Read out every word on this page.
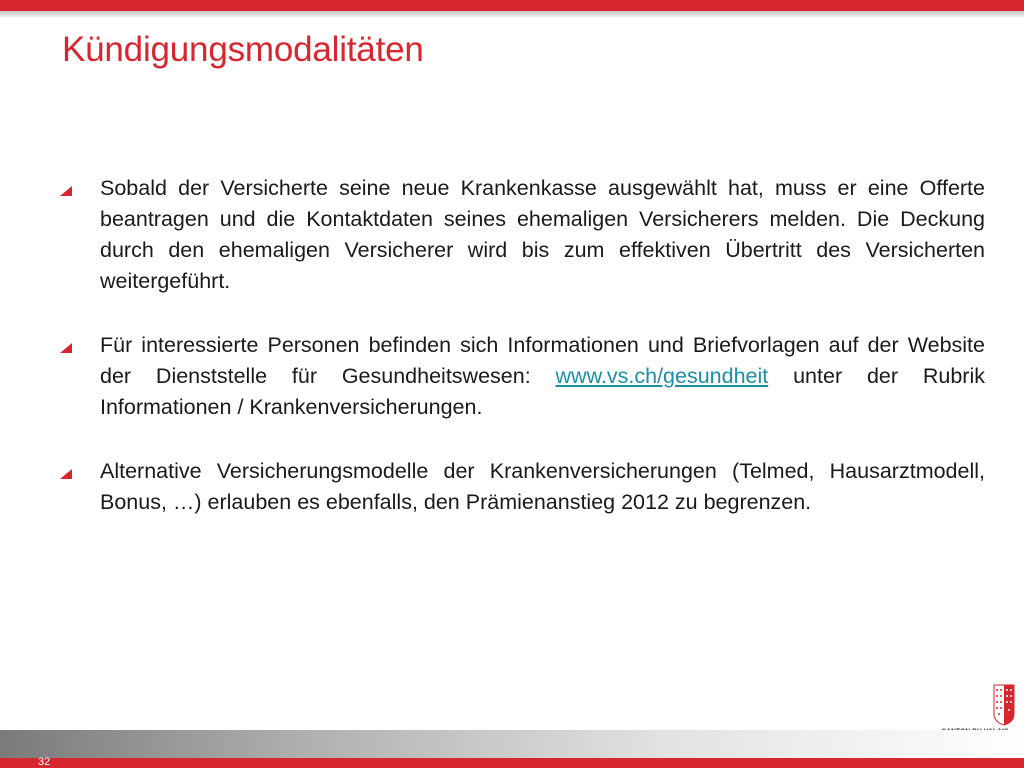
Kündigungsmodalitäten
Sobald der Versicherte seine neue Krankenkasse ausgewählt hat, muss er eine Offerte beantragen und die Kontaktdaten seines ehemaligen Versicherers melden. Die Deckung durch den ehemaligen Versicherer wird bis zum effektiven Übertritt des Versicherten weitergeführt.
Für interessierte Personen befinden sich Informationen und Briefvorlagen auf der Website der Dienststelle für Gesundheitswesen: www.vs.ch/gesundheit unter der Rubrik Informationen / Krankenversicherungen.
Alternative Versicherungsmodelle der Krankenversicherungen (Telmed, Hausarztmodell, Bonus, …) erlauben es ebenfalls, den Prämienanstieg 2012 zu begrenzen.
32
